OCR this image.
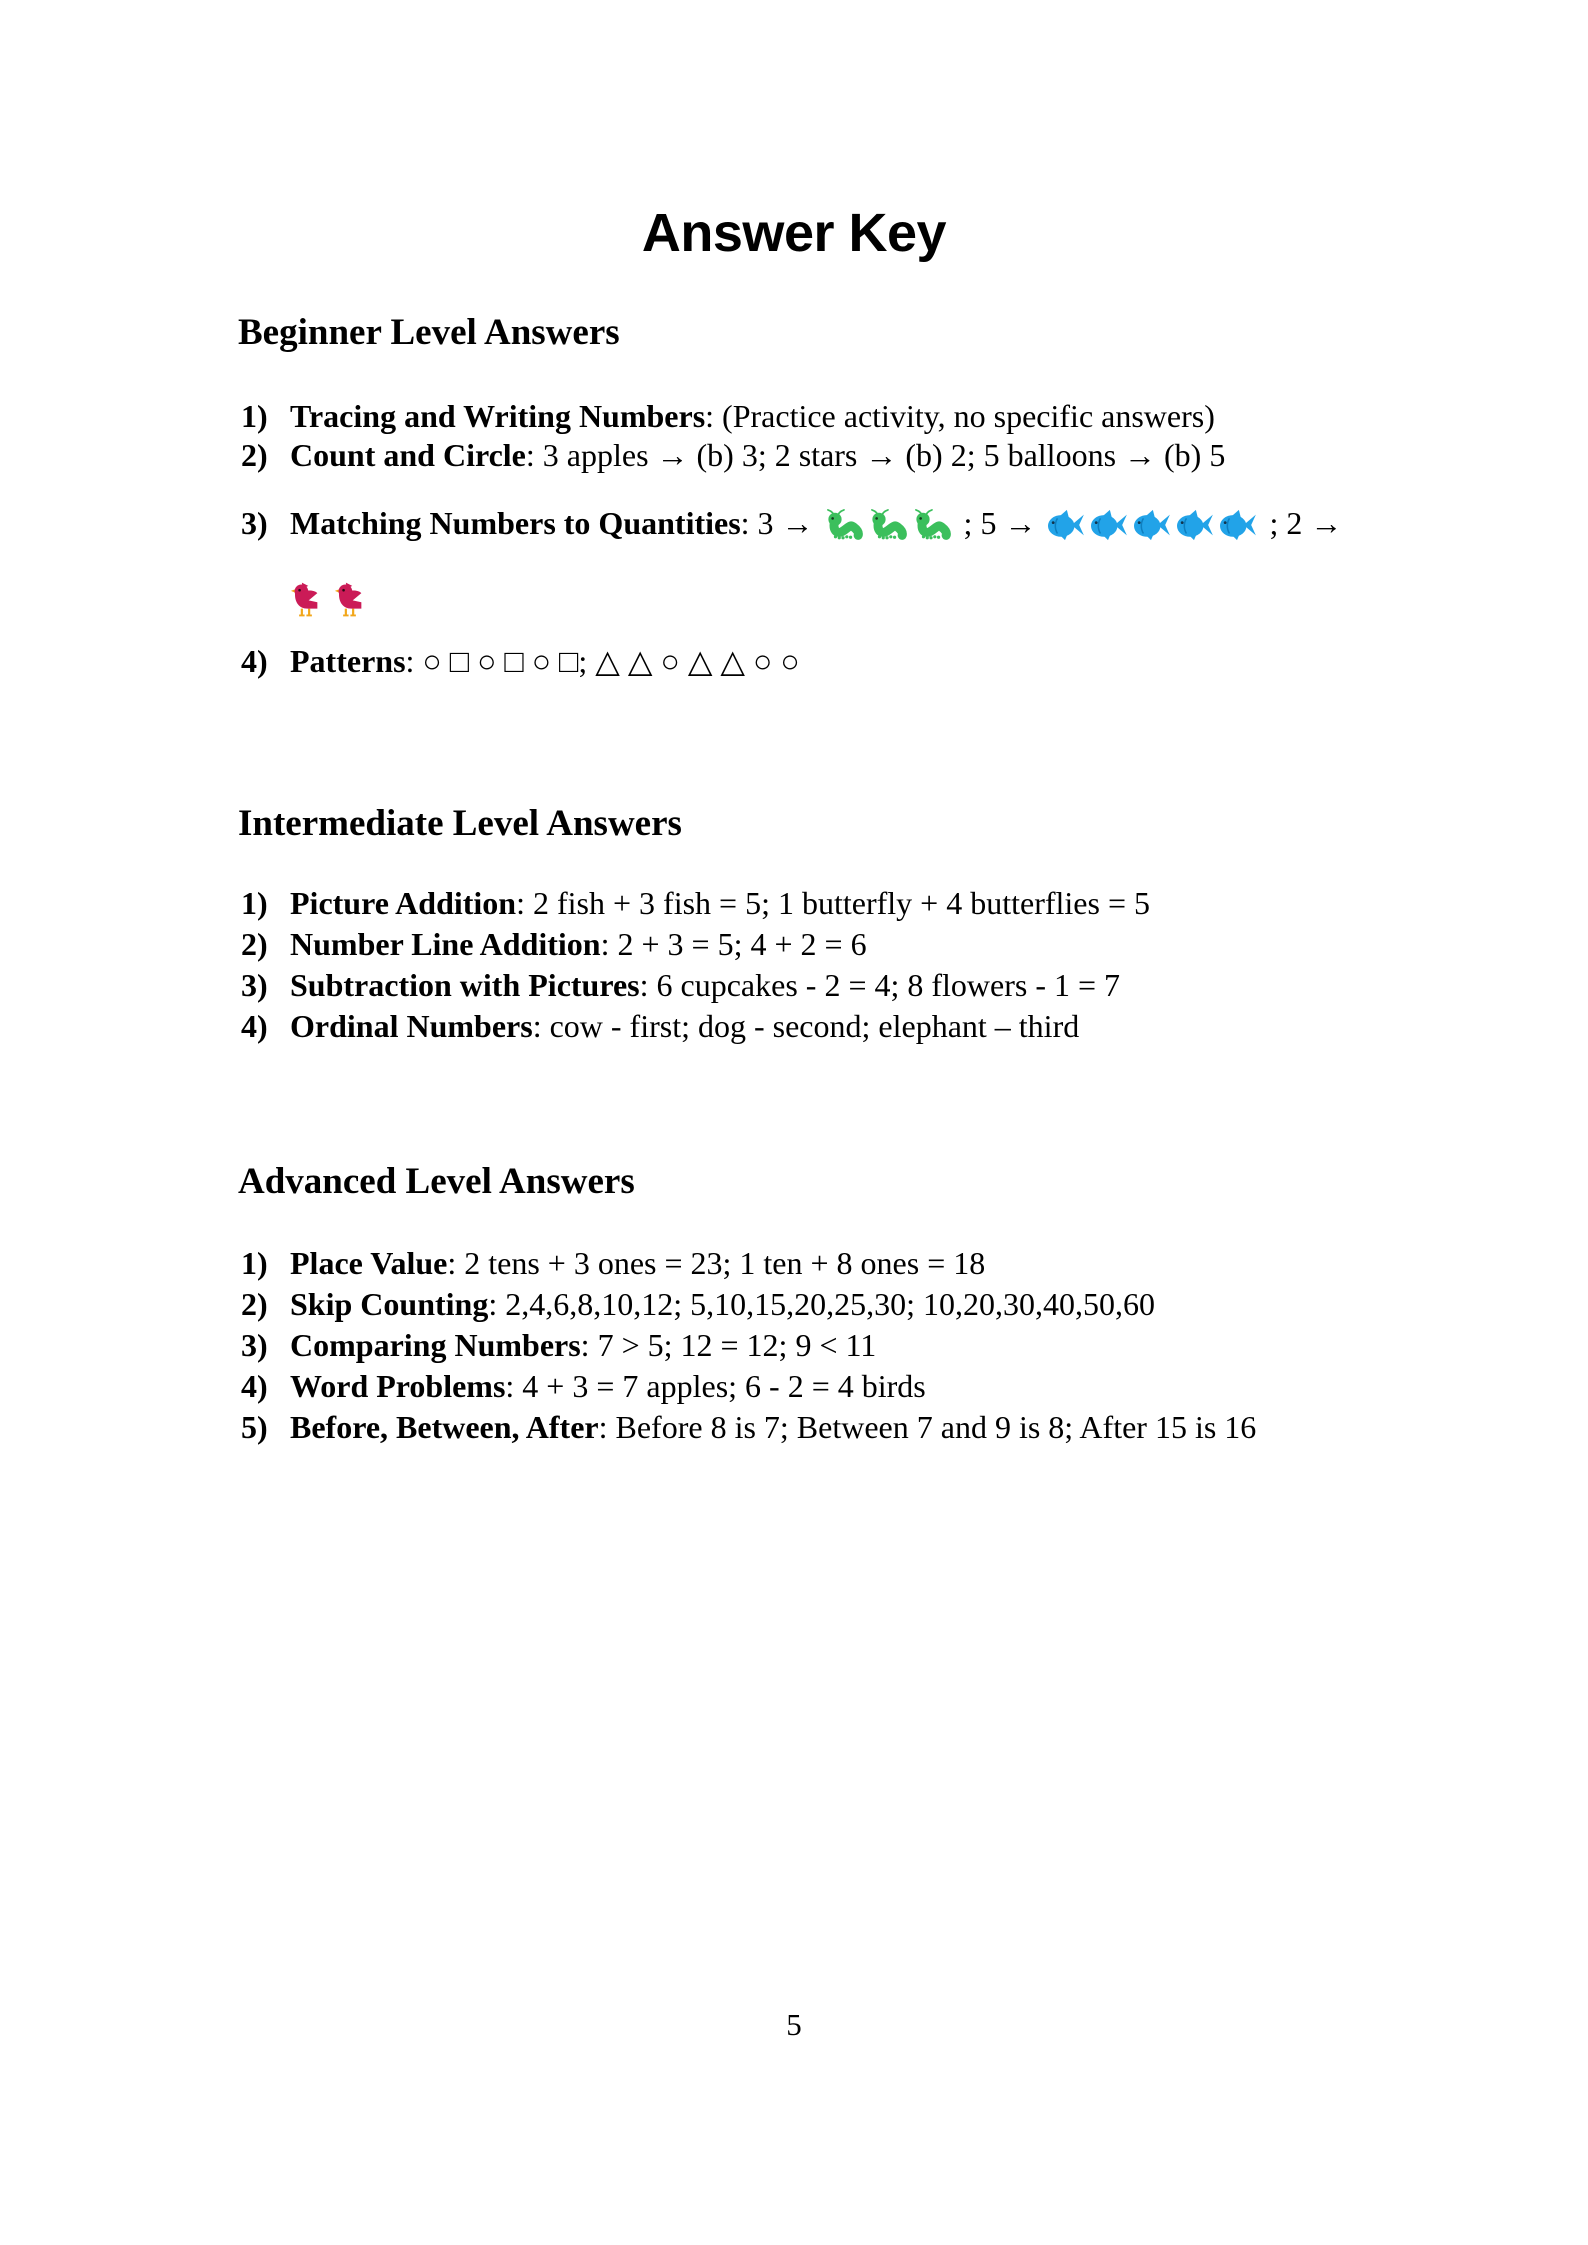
Answer Key
Beginner Level Answers
1) Tracing and Writing Numbers: (Practice activity, no specific answers)
2) Count and Circle: 3 apples → (b) 3; 2 stars → (b) 2; 5 balloons → (b) 5
3) Matching Numbers to Quantities: 3 →	; 5 →	; 2 →
4) Patterns: ○ □ ○ □ ○ □; △ △ ○ △ △ ○ ○
Intermediate Level Answers
1) Picture Addition: 2 fish + 3 fish = 5; 1 butterfly + 4 butterflies = 5
2) Number Line Addition: 2 + 3 = 5; 4 + 2 = 6
3) Subtraction with Pictures: 6 cupcakes - 2 = 4; 8 flowers - 1 = 7
4) Ordinal Numbers: cow - first; dog - second; elephant – third
Advanced Level Answers
1) Place Value: 2 tens + 3 ones = 23; 1 ten + 8 ones = 18
2) Skip Counting: 2,4,6,8,10,12; 5,10,15,20,25,30; 10,20,30,40,50,60
3) Comparing Numbers: 7 > 5; 12 = 12; 9 < 11
4) Word Problems: 4 + 3 = 7 apples; 6 - 2 = 4 birds
5) Before, Between, After: Before 8 is 7; Between 7 and 9 is 8; After 15 is 16
5
